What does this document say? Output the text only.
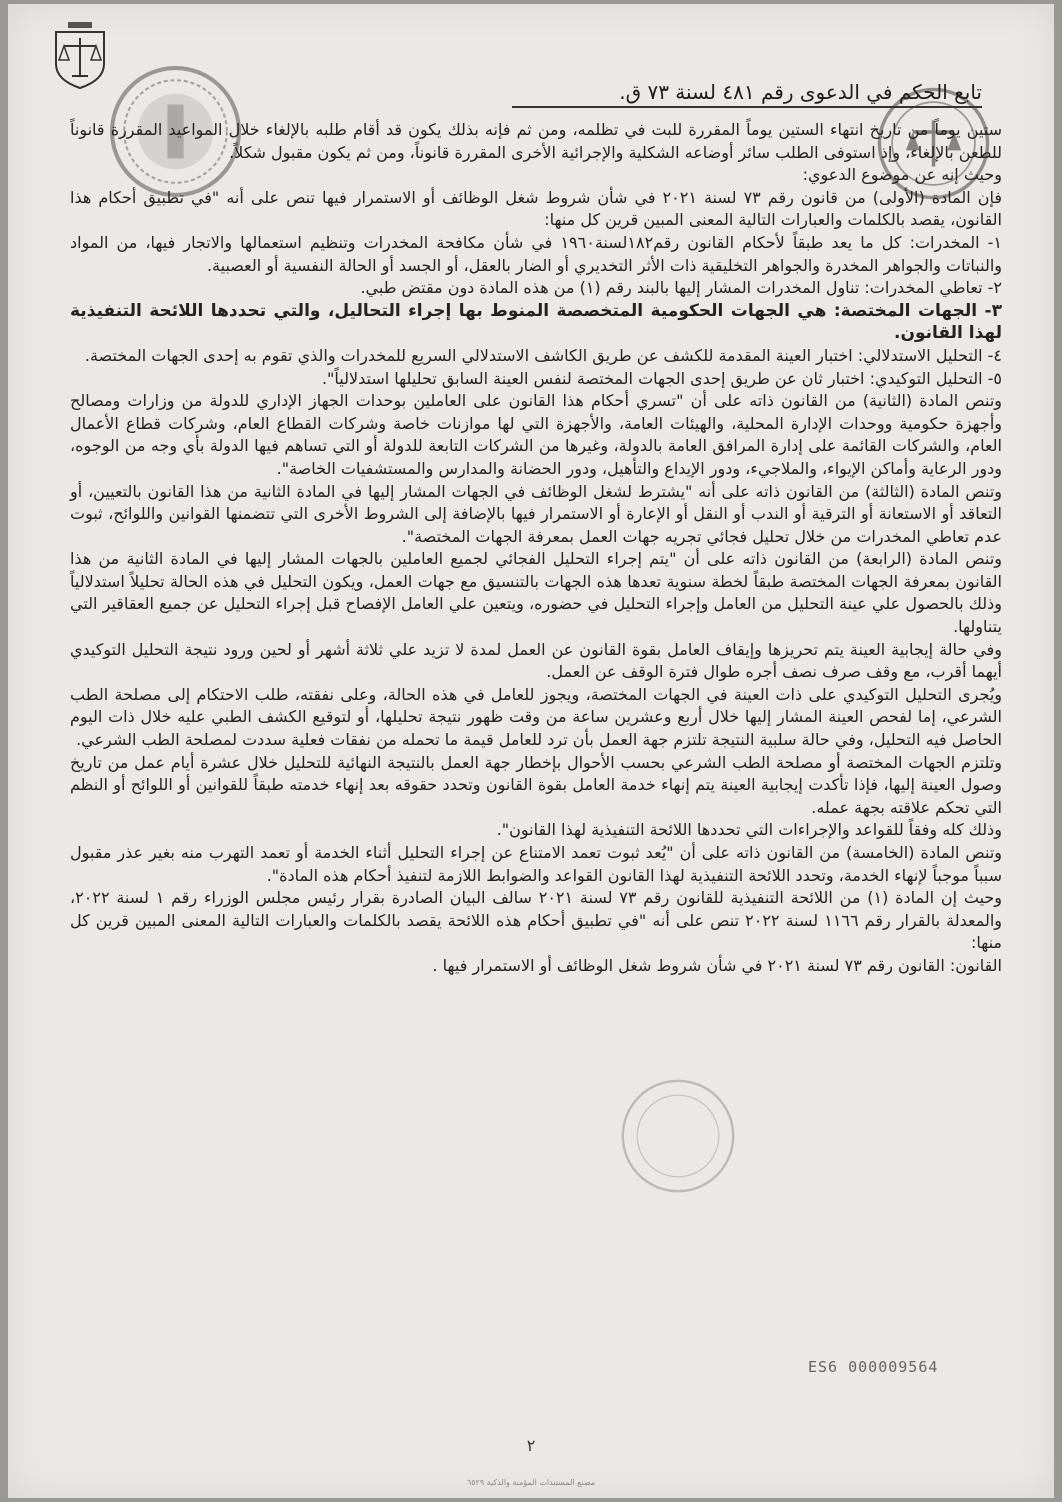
تابع الحكم في الدعوى رقم ٤٨١ لسنة ٧٣ ق.

ستين يوماً من تاريخ انتهاء الستين يوماً المقررة للبت في تظلمه، ومن ثم فإنه بذلك يكون قد أقام طلبه بالإلغاء خلال المواعيد المقررة قانوناً للطعن بالإلغاء، وإذ استوفى الطلب سائر أوضاعه الشكلية والإجرائية الأخرى المقررة قانوناً، ومن ثم يكون مقبول شكلاً.

وحيث إنه عن موضوع الدعوي:

فإن المادة (الأولى) من قانون رقم ٧٣ لسنة ٢٠٢١ في شأن شروط شغل الوظائف أو الاستمرار فيها تنص على أنه "في تطبيق أحكام هذا القانون، يقصد بالكلمات والعبارات التالية المعنى المبين قرين كل منها:

١- المخدرات: كل ما يعد طبقاً لأحكام القانون رقم١٨٢لسنة١٩٦٠ في شأن مكافحة المخدرات وتنظيم استعمالها والاتجار فيها، من المواد والنباتات والجواهر المخدرة والجواهر التخليقية ذات الأثر التخديري أو الضار بالعقل، أو الجسد أو الحالة النفسية أو العصبية.

٢- تعاطي المخدرات: تناول المخدرات المشار إليها بالبند رقم (١) من هذه المادة دون مقتض طبي.

٣- الجهات المختصة: هي الجهات الحكومية المتخصصة المنوط بها إجراء التحاليل، والتي تحددها اللائحة التنفيذية لهذا القانون.

٤- التحليل الاستدلالي: اختبار العينة المقدمة للكشف عن طريق الكاشف الاستدلالي السريع للمخدرات والذي تقوم به إحدى الجهات المختصة.

٥- التحليل التوكيدي: اختبار ثان عن طريق إحدى الجهات المختصة لنفس العينة السابق تحليلها استدلالياً".

وتنص المادة (الثانية) من القانون ذاته على أن "تسري أحكام هذا القانون على العاملين بوحدات الجهاز الإداري للدولة من وزارات ومصالح وأجهزة حكومية ووحدات الإدارة المحلية، والهيئات العامة، والأجهزة التي لها موازنات خاصة وشركات القطاع العام، وشركات قطاع الأعمال العام، والشركات القائمة على إدارة المرافق العامة بالدولة، وغيرها من الشركات التابعة للدولة أو التي تساهم فيها الدولة بأي وجه من الوجوه، ودور الرعاية وأماكن الإيواء، والملاجيء، ودور الإيداع والتأهيل، ودور الحضانة والمدارس والمستشفيات الخاصة".

وتنص المادة (الثالثة) من القانون ذاته على أنه "يشترط لشغل الوظائف في الجهات المشار إليها في المادة الثانية من هذا القانون بالتعيين، أو التعاقد أو الاستعانة أو الترقية أو الندب أو النقل أو الإعارة أو الاستمرار فيها بالإضافة إلى الشروط الأخرى التي تتضمنها القوانين واللوائح، ثبوت عدم تعاطي المخدرات من خلال تحليل فجائي تجريه جهات العمل بمعرفة الجهات المختصة".

وتنص المادة (الرابعة) من القانون ذاته على أن "يتم إجراء التحليل الفجائي لجميع العاملين بالجهات المشار إليها في المادة الثانية من هذا القانون بمعرفة الجهات المختصة طبقاً لخطة سنوية تعدها هذه الجهات بالتنسيق مع جهات العمل، ويكون التحليل في هذه الحالة تحليلاً استدلالياً وذلك بالحصول علي عينة التحليل من العامل وإجراء التحليل في حضوره، ويتعين علي العامل الإفصاح قبل إجراء التحليل عن جميع العقاقير التي يتناولها.

وفي حالة إيجابية العينة يتم تحريزها وإيقاف العامل بقوة القانون عن العمل لمدة لا تزيد علي ثلاثة أشهر أو لحين ورود نتيجة التحليل التوكيدي أيهما أقرب، مع وقف صرف نصف أجره طوال فترة الوقف عن العمل.

ويُجرى التحليل التوكيدي على ذات العينة في الجهات المختصة، ويجوز للعامل في هذه الحالة، وعلى نفقته، طلب الاحتكام إلى مصلحة الطب الشرعي، إما لفحص العينة المشار إليها خلال أربع وعشرين ساعة من وقت ظهور نتيجة تحليلها، أو لتوقيع الكشف الطبي عليه خلال ذات اليوم الحاصل فيه التحليل، وفي حالة سلبية النتيجة تلتزم جهة العمل بأن ترد للعامل قيمة ما تحمله من نفقات فعلية سددت لمصلحة الطب الشرعي.

وتلتزم الجهات المختصة أو مصلحة الطب الشرعي بحسب الأحوال بإخطار جهة العمل بالنتيجة النهائية للتحليل خلال عشرة أيام عمل من تاريخ وصول العينة إليها، فإذا تأكدت إيجابية العينة يتم إنهاء خدمة العامل بقوة القانون وتحدد حقوقه بعد إنهاء خدمته طبقاً للقوانين أو اللوائح أو النظم التي تحكم علاقته بجهة عمله.

وذلك كله وفقاً للقواعد والإجراءات التي تحددها اللائحة التنفيذية لهذا القانون".

وتنص المادة (الخامسة) من القانون ذاته على أن "يُعد ثبوت تعمد الامتناع عن إجراء التحليل أثناء الخدمة أو تعمد التهرب منه بغير عذر مقبول سبباً موجباً لإنهاء الخدمة، وتحدد اللائحة التنفيذية لهذا القانون القواعد والضوابط اللازمة لتنفيذ أحكام هذه المادة".

وحيث إن المادة (١) من اللائحة التنفيذية للقانون رقم ٧٣ لسنة ٢٠٢١ سالف البيان الصادرة بقرار رئيس مجلس الوزراء رقم ١ لسنة ٢٠٢٢، والمعدلة بالقرار رقم ١١٦٦ لسنة ٢٠٢٢ تنص على أنه "في تطبيق أحكام هذه اللائحة يقصد بالكلمات والعبارات التالية المعنى المبين قرين كل منها:

القانون: القانون رقم ٧٣ لسنة ٢٠٢١ في شأن شروط شغل الوظائف أو الاستمرار فيها .

ES6 000009564
٢
مصنع المستندات المؤمنة والذكية ٦٥٢٩
